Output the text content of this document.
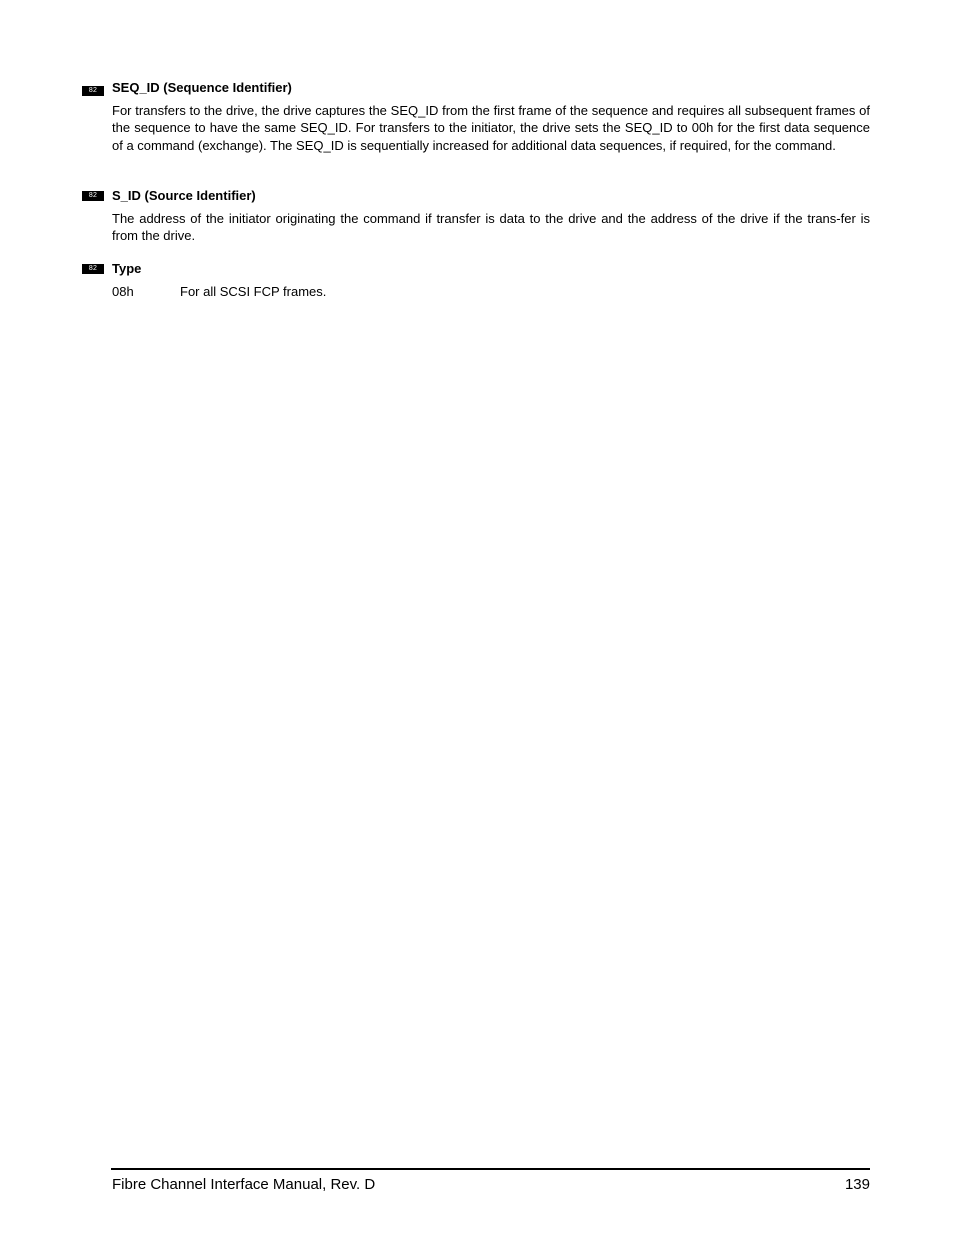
82	SEQ_ID (Sequence Identifier)
For transfers to the drive, the drive captures the SEQ_ID from the first frame of the sequence and requires all subsequent frames of the sequence to have the same SEQ_ID. For transfers to the initiator, the drive sets the SEQ_ID to 00h for the first data sequence of a command (exchange). The SEQ_ID is sequentially increased for additional data sequences, if required, for the command.
82	S_ID (Source Identifier)
The address of the initiator originating the command if transfer is data to the drive and the address of the drive if the trans-fer is from the drive.
82	Type
08h	For all SCSI FCP frames.
Fibre Channel Interface Manual, Rev. D	139
